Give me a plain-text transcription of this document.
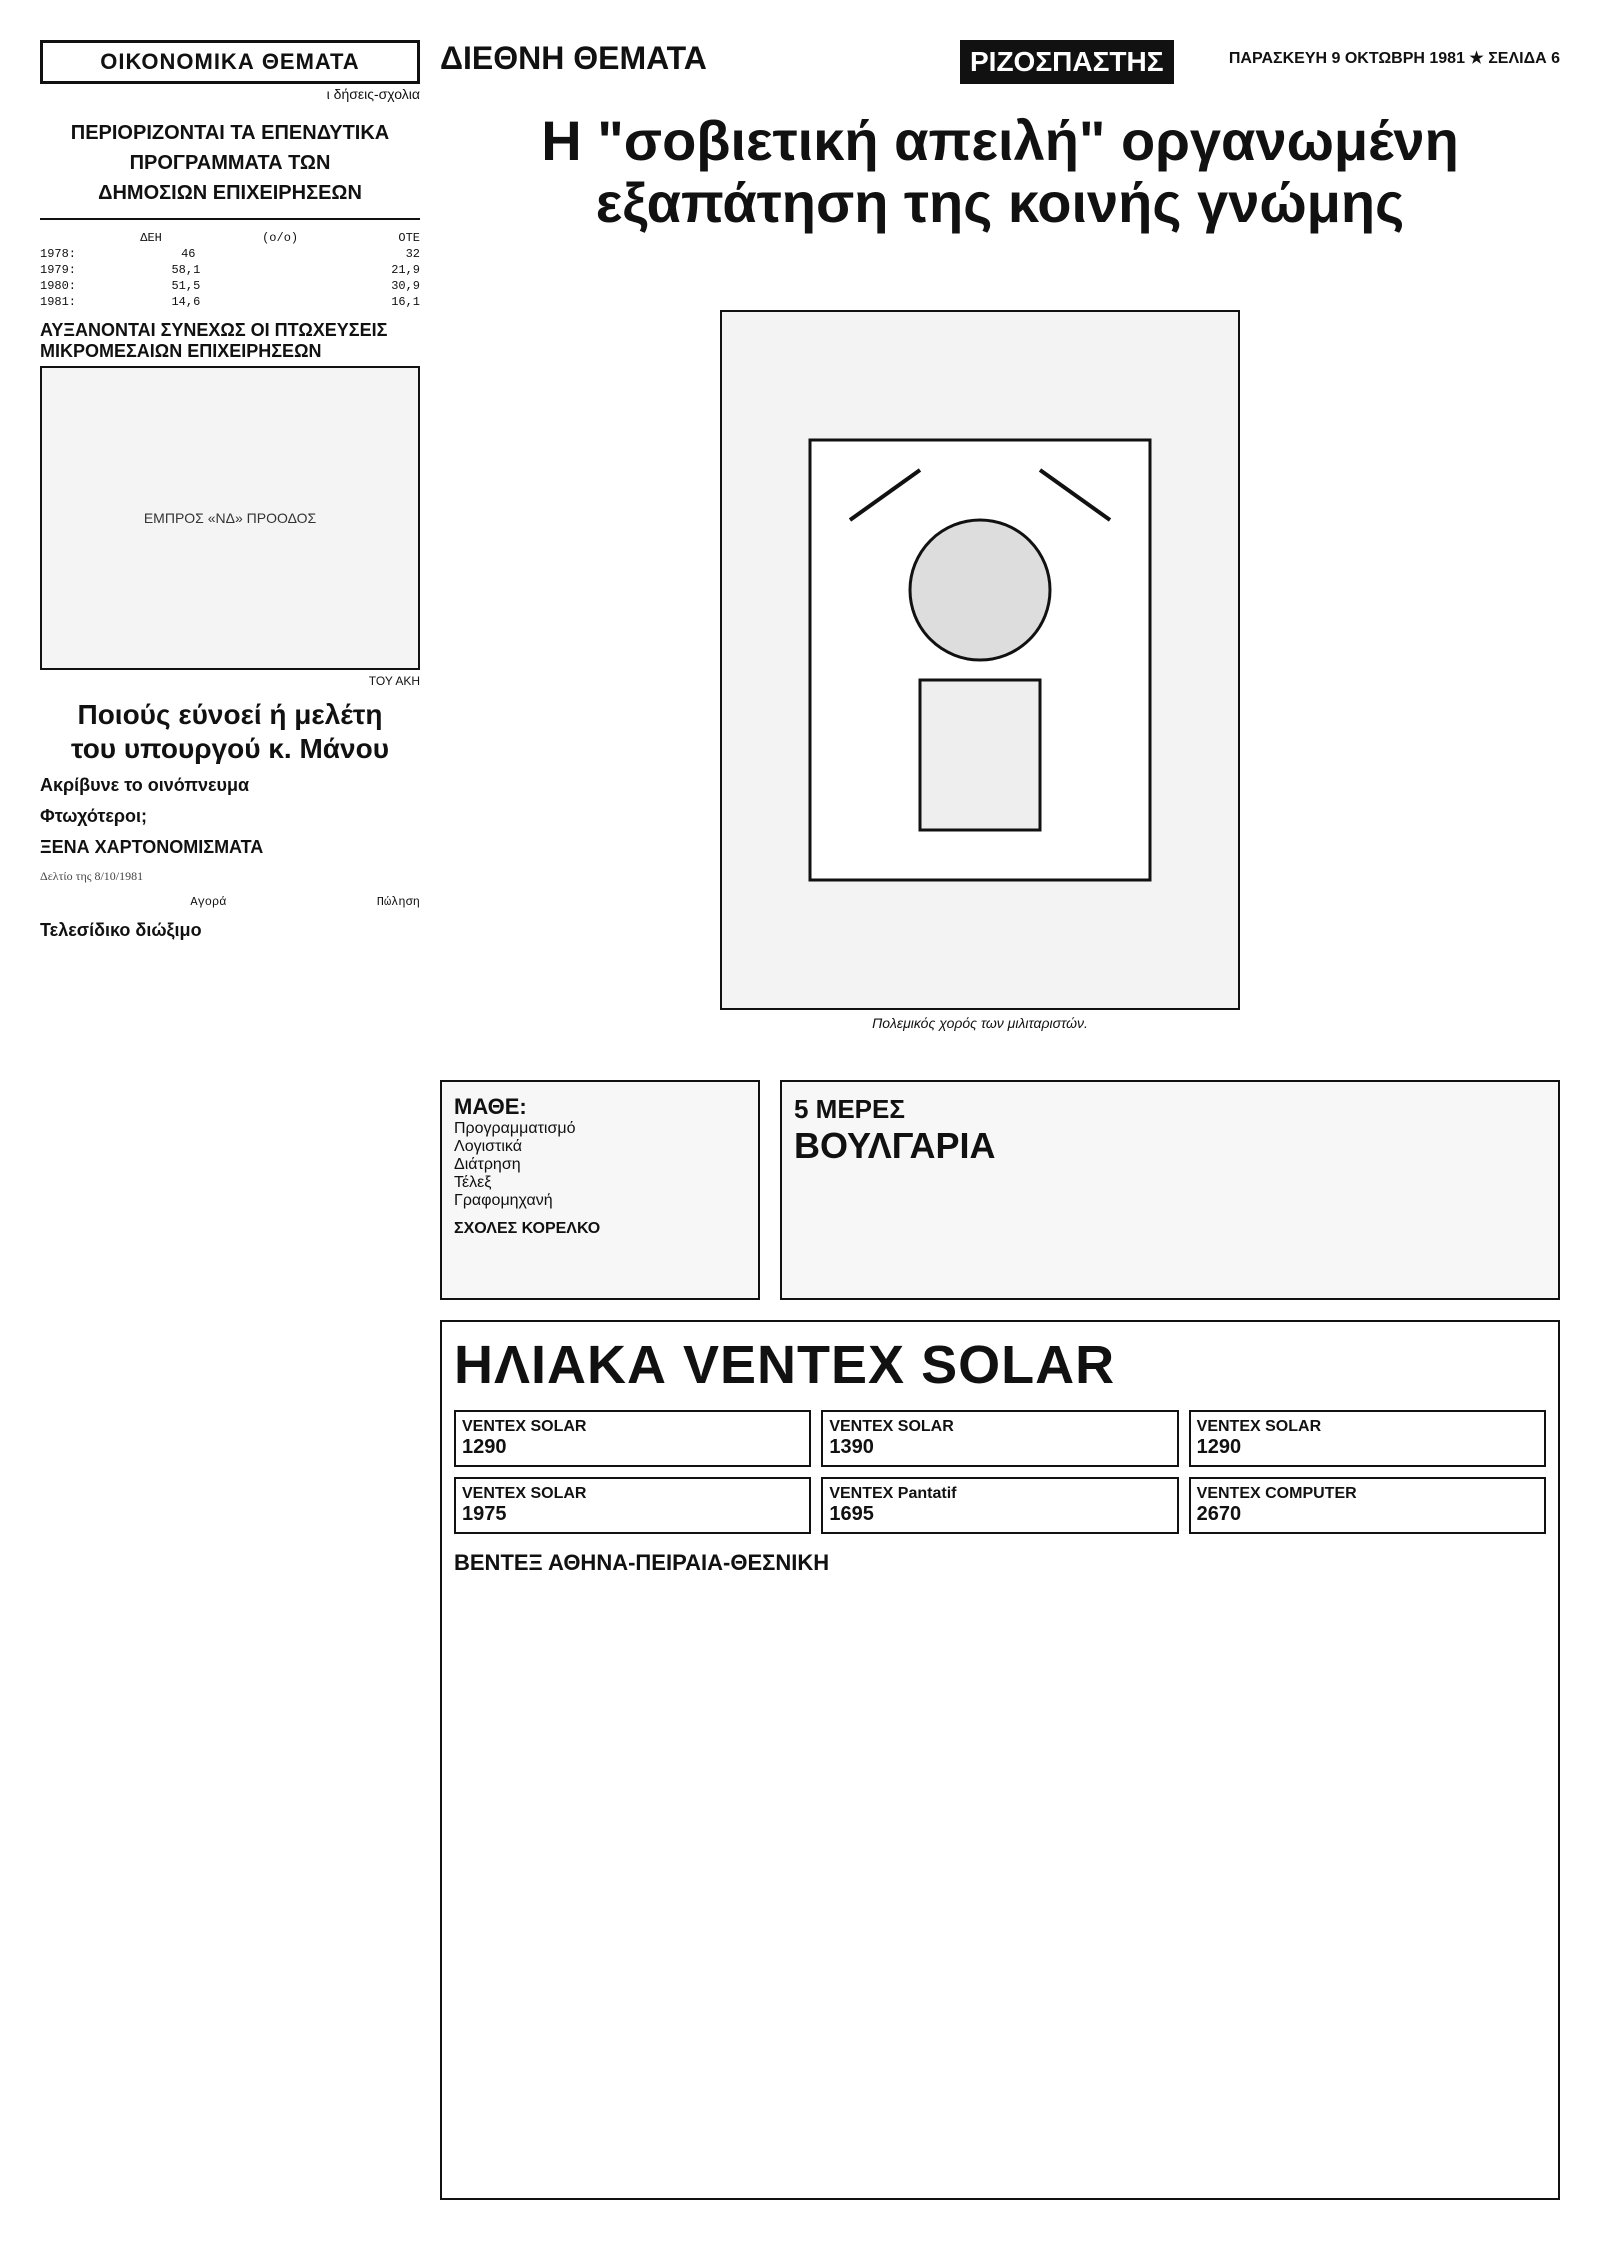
ΟΙΚΟΝΟΜΙΚΑ ΘΕΜΑΤΑ
ι δήσεις-σχολια
ΠΕΡΙΟΡΙΖΟΝΤΑΙ ΤΑ ΕΠΕΝΔΥΤΙΚΑ
ΠΡΟΓΡΑΜΜΑΤΑ ΤΩΝ
ΔΗΜΟΣΙΩΝ ΕΠΙΧΕΙΡΗΣΕΩΝ
ΔΕΗ	(ο/ο)	ΟΤΕ
1978:	46	32
1979:	58,1	21,9
1980:	51,5	30,9
1981:	14,6	16,1
ΑΥΞΑΝΟΝΤΑΙ ΣΥΝΕΧΩΣ ΟΙ ΠΤΩΧΕΥΣΕΙΣ ΜΙΚΡΟΜΕΣΑΙΩΝ ΕΠΙΧΕΙΡΗΣΕΩΝ
ΕΜΠΡΟΣ «ΝΔ» ΠΡΟΟΔΟΣ
ΤΟΥ ΑΚΗ
Ποιούς εύνοεί ή μελέτη
του υπουργού κ. Μάνου
Ακρίβυνε το οινόπνευμα
Φτωχότεροι;
ΞΕΝΑ ΧΑΡΤΟΝΟΜΙΣΜΑΤΑ
Δελτίο της 8/10/1981
Αγορά	Πώληση
Τελεσίδικο διώξιμο
ΔΙΕΘΝΗ ΘΕΜΑΤΑ	ΡΙΖΟΣΠΑΣΤΗΣ	ΠΑΡΑΣΚΕΥΗ 9 ΟΚΤΩΒΡΗ 1981 ★ ΣΕΛΙΔΑ 6
Η "σοβιετική απειλή" οργανωμένη
εξαπάτηση της κοινής γνώμης
Πολεμικός χορός των μιλιταριστών.
ΜΑΘΕ:
Προγραμματισμό
Λογιστικά
Διάτρηση
Τέλεξ
Γραφομηχανή
ΣΧΟΛΕΣ ΚΟΡΕΛΚΟ
5 ΜΕΡΕΣ
ΒΟΥΛΓΑΡΙΑ
ΗΛΙΑΚΑ VENTEX SOLAR
VENTEX SOLAR
1290
VENTEX SOLAR
1390
VENTEX SOLAR
1290
VENTEX SOLAR
1975
VENTEX Pantatif
1695
VENTEX COMPUTER
2670
ΒΕΝΤΕΞ ΑΘΗΝΑ-ΠΕΙΡΑΙΑ-ΘΕΣΝΙΚΗ
